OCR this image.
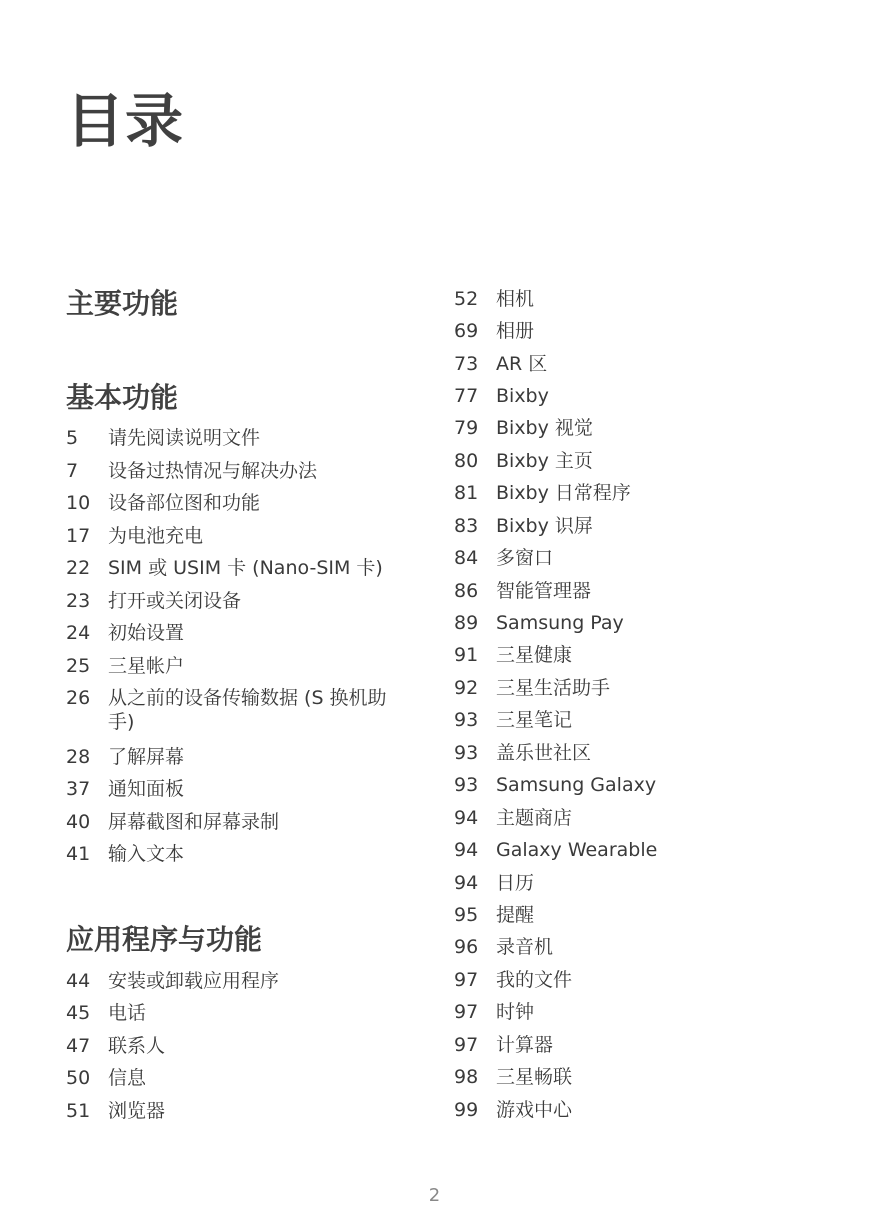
目录
主要功能
基本功能
5	请先阅读说明文件
7	设备过热情况与解决办法
10 设备部位图和功能
17 为电池充电
22 SIM 或 USIM 卡 (Nano-SIM 卡)
23 打开或关闭设备
24 初始设置
25 三星帐户
26 从之前的设备传输数据 (S 换机助手)
28 了解屏幕
37 通知面板
40 屏幕截图和屏幕录制
41 输入文本
应用程序与功能
44 安装或卸载应用程序
45 电话
47 联系人
50 信息
51 浏览器
52 相机
69 相册
73 AR 区
77 Bixby
79 Bixby 视觉
80 Bixby 主页
81 Bixby 日常程序
83 Bixby 识屏
84 多窗口
86 智能管理器
89 Samsung Pay
91 三星健康
92 三星生活助手
93 三星笔记
93 盖乐世社区
93 Samsung Galaxy
94 主题商店
94 Galaxy Wearable
94 日历
95 提醒
96 录音机
97 我的文件
97 时钟
97 计算器
98 三星畅联
99 游戏中心
2
